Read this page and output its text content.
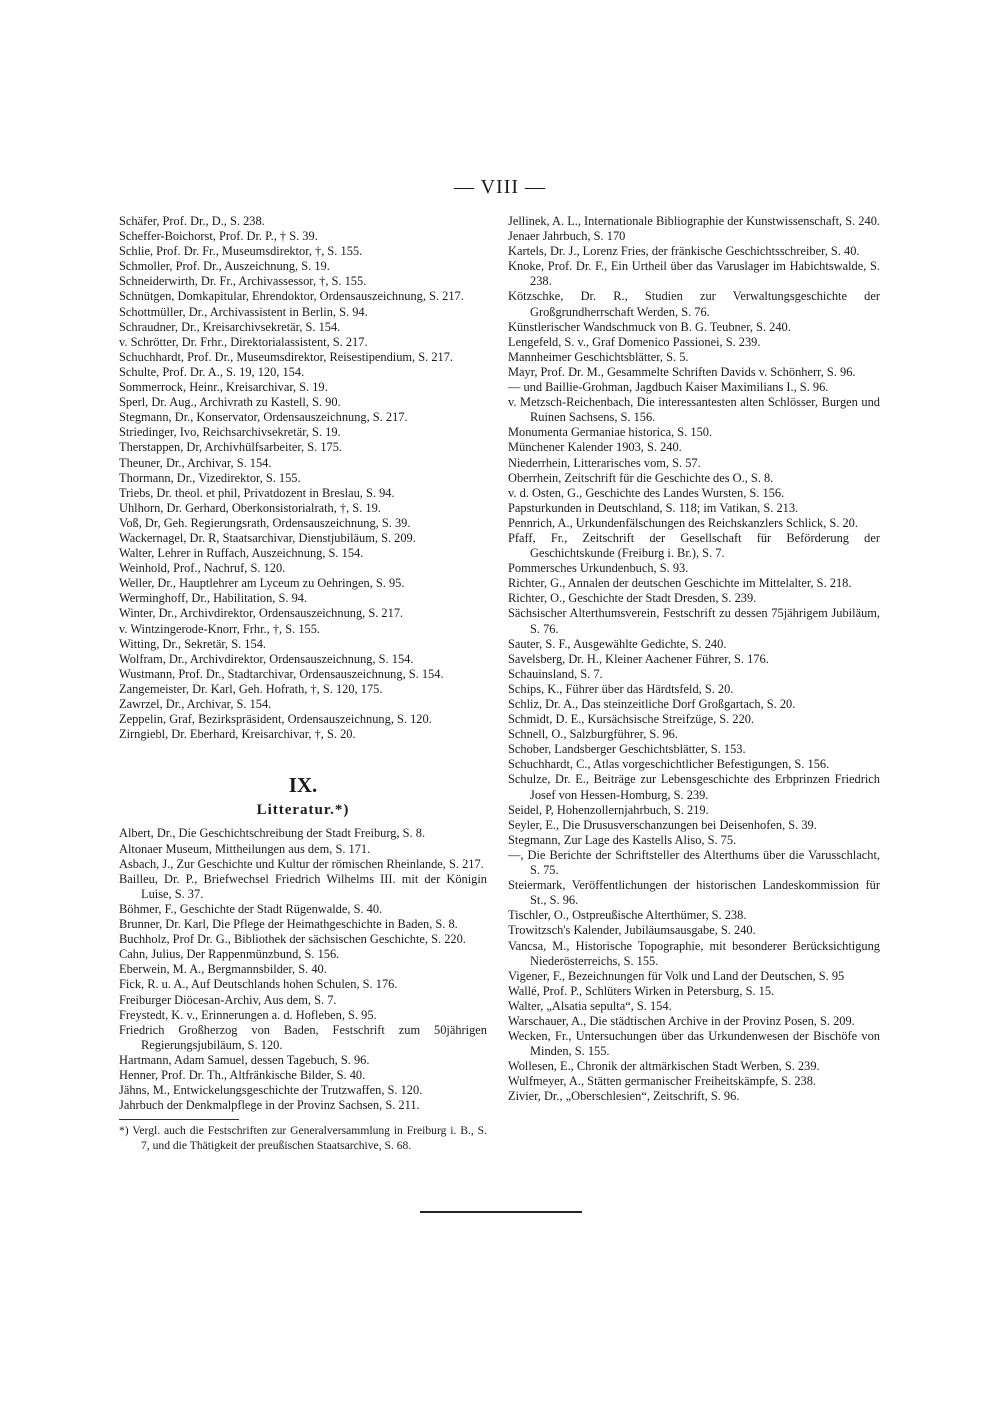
— VIII —

Schäfer, Prof. Dr., D., S. 238.

Scheffer-Boichorst, Prof. Dr. P., † S. 39.

Schlie, Prof. Dr. Fr., Museumsdirektor, †, S. 155.

Schmoller, Prof. Dr., Auszeichnung, S. 19.

Schneiderwirth, Dr. Fr., Archivassessor, †, S. 155.

Schnütgen, Domkapitular, Ehrendoktor, Ordensauszeichnung, S. 217.

Schottmüller, Dr., Archivassistent in Berlin, S. 94.

Schraudner, Dr., Kreisarchivsekretär, S. 154.

v. Schrötter, Dr. Frhr., Direktorialassistent, S. 217.

Schuchhardt, Prof. Dr., Museumsdirektor, Reisestipendium, S. 217.

Schulte, Prof. Dr. A., S. 19, 120, 154.

Sommerrock, Heinr., Kreisarchivar, S. 19.

Sperl, Dr. Aug., Archivrath zu Kastell, S. 90.

Stegmann, Dr., Konservator, Ordensauszeichnung, S. 217.

Striedinger, Ivo, Reichsarchivsekretär, S. 19.

Therstappen, Dr, Archivhülfsarbeiter, S. 175.

Theuner, Dr., Archivar, S. 154.

Thormann, Dr., Vizedirektor, S. 155.

Triebs, Dr. theol. et phil, Privatdozent in Breslau, S. 94.

Uhlhorn, Dr. Gerhard, Oberkonsistorialrath, †, S. 19.

Voß, Dr, Geh. Regierungsrath, Ordensauszeichnung, S. 39.

Wackernagel, Dr. R, Staatsarchivar, Dienstjubiläum, S. 209.

Walter, Lehrer in Ruffach, Auszeichnung, S. 154.

Weinhold, Prof., Nachruf, S. 120.

Weller, Dr., Hauptlehrer am Lyceum zu Oehringen, S. 95.

Werminghoff, Dr., Habilitation, S. 94.

Winter, Dr., Archivdirektor, Ordensauszeichnung, S. 217.

v. Wintzingerode-Knorr, Frhr., †, S. 155.

Witting, Dr., Sekretär, S. 154.

Wolfram, Dr., Archivdirektor, Ordensauszeichnung, S. 154.

Wustmann, Prof. Dr., Stadtarchivar, Ordensauszeichnung, S. 154.

Zangemeister, Dr. Karl, Geh. Hofrath, †, S. 120, 175.

Zawrzel, Dr., Archivar, S. 154.

Zeppelin, Graf, Bezirkspräsident, Ordensauszeichnung, S. 120.

Zirngiebl, Dr. Eberhard, Kreisarchivar, †, S. 20.

IX.
Litteratur.*)

Albert, Dr., Die Geschichtschreibung der Stadt Freiburg, S. 8.

Altonaer Museum, Mittheilungen aus dem, S. 171.

Asbach, J., Zur Geschichte und Kultur der römischen Rheinlande, S. 217.

Bailleu, Dr. P., Briefwechsel Friedrich Wilhelms III. mit der Königin Luise, S. 37.

Böhmer, F., Geschichte der Stadt Rügenwalde, S. 40.

Brunner, Dr. Karl, Die Pflege der Heimathgeschichte in Baden, S. 8.

Buchholz, Prof Dr. G., Bibliothek der sächsischen Geschichte, S. 220.

Cahn, Julius, Der Rappenmünzbund, S. 156.

Eberwein, M. A., Bergmannsbilder, S. 40.

Fick, R. u. A., Auf Deutschlands hohen Schulen, S. 176.

Freiburger Diöcesan-Archiv, Aus dem, S. 7.

Freystedt, K. v., Erinnerungen a. d. Hofleben, S. 95.

Friedrich Großherzog von Baden, Festschrift zum 50jährigen Regierungsjubiläum, S. 120.

Hartmann, Adam Samuel, dessen Tagebuch, S. 96.

Henner, Prof. Dr. Th., Altfränkische Bilder, S. 40.

Jähns, M., Entwickelungsgeschichte der Trutzwaffen, S. 120.

Jahrbuch der Denkmalpflege in der Provinz Sachsen, S. 211.

*) Vergl. auch die Festschriften zur Generalversammlung in Freiburg i. B., S. 7, und die Thätigkeit der preußischen Staatsarchive, S. 68.

Jellinek, A. L., Internationale Bibliographie der Kunstwissenschaft, S. 240.

Jenaer Jahrbuch, S. 170

Kartels, Dr. J., Lorenz Fries, der fränkische Geschichtsschreiber, S. 40.

Knoke, Prof. Dr. F., Ein Urtheil über das Varuslager im Habichtswalde, S. 238.

Kötzschke, Dr. R., Studien zur Verwaltungsgeschichte der Großgrundherrschaft Werden, S. 76.

Künstlerischer Wandschmuck von B. G. Teubner, S. 240.

Lengefeld, S. v., Graf Domenico Passionei, S. 239.

Mannheimer Geschichtsblätter, S. 5.

Mayr, Prof. Dr. M., Gesammelte Schriften Davids v. Schönherr, S. 96.

— und Baillie-Grohman, Jagdbuch Kaiser Maximilians I., S. 96.

v. Metzsch-Reichenbach, Die interessantesten alten Schlösser, Burgen und Ruinen Sachsens, S. 156.

Monumenta Germaniae historica, S. 150.

Münchener Kalender 1903, S. 240.

Niederrhein, Litterarisches vom, S. 57.

Oberrhein, Zeitschrift für die Geschichte des O., S. 8.

v. d. Osten, G., Geschichte des Landes Wursten, S. 156.

Papsturkunden in Deutschland, S. 118; im Vatikan, S. 213.

Pennrich, A., Urkundenfälschungen des Reichskanzlers Schlick, S. 20.

Pfaff, Fr., Zeitschrift der Gesellschaft für Beförderung der Geschichtskunde (Freiburg i. Br.), S. 7.

Pommersches Urkundenbuch, S. 93.

Richter, G., Annalen der deutschen Geschichte im Mittelalter, S. 218.

Richter, O., Geschichte der Stadt Dresden, S. 239.

Sächsischer Alterthumsverein, Festschrift zu dessen 75jährigem Jubiläum, S. 76.

Sauter, S. F., Ausgewählte Gedichte, S. 240.

Savelsberg, Dr. H., Kleiner Aachener Führer, S. 176.

Schauinsland, S. 7.

Schips, K., Führer über das Härdtsfeld, S. 20.

Schliz, Dr. A., Das steinzeitliche Dorf Großgartach, S. 20.

Schmidt, D. E., Kursächsische Streifzüge, S. 220.

Schnell, O., Salzburgführer, S. 96.

Schober, Landsberger Geschichtsblätter, S. 153.

Schuchhardt, C., Atlas vorgeschichtlicher Befestigungen, S. 156.

Schulze, Dr. E., Beiträge zur Lebensgeschichte des Erbprinzen Friedrich Josef von Hessen-Homburg, S. 239.

Seidel, P, Hohenzollernjahrbuch, S. 219.

Seyler, E., Die Drususverschanzungen bei Deisenhofen, S. 39.

Stegmann, Zur Lage des Kastells Aliso, S. 75.

—, Die Berichte der Schriftsteller des Alterthums über die Varusschlacht, S. 75.

Steiermark, Veröffentlichungen der historischen Landeskommission für St., S. 96.

Tischler, O., Ostpreußische Alterthümer, S. 238.

Trowitzsch's Kalender, Jubiläumsausgabe, S. 240.

Vancsa, M., Historische Topographie, mit besonderer Berücksichtigung Niederösterreichs, S. 155.

Vigener, F., Bezeichnungen für Volk und Land der Deutschen, S. 95

Wallé, Prof. P., Schlüters Wirken in Petersburg, S. 15.

Walter, „Alsatia sepulta“, S. 154.

Warschauer, A., Die städtischen Archive in der Provinz Posen, S. 209.

Wecken, Fr., Untersuchungen über das Urkundenwesen der Bischöfe von Minden, S. 155.

Wollesen, E., Chronik der altmärkischen Stadt Werben, S. 239.

Wulfmeyer, A., Stätten germanischer Freiheitskämpfe, S. 238.

Zivier, Dr., „Oberschlesien“, Zeitschrift, S. 96.
